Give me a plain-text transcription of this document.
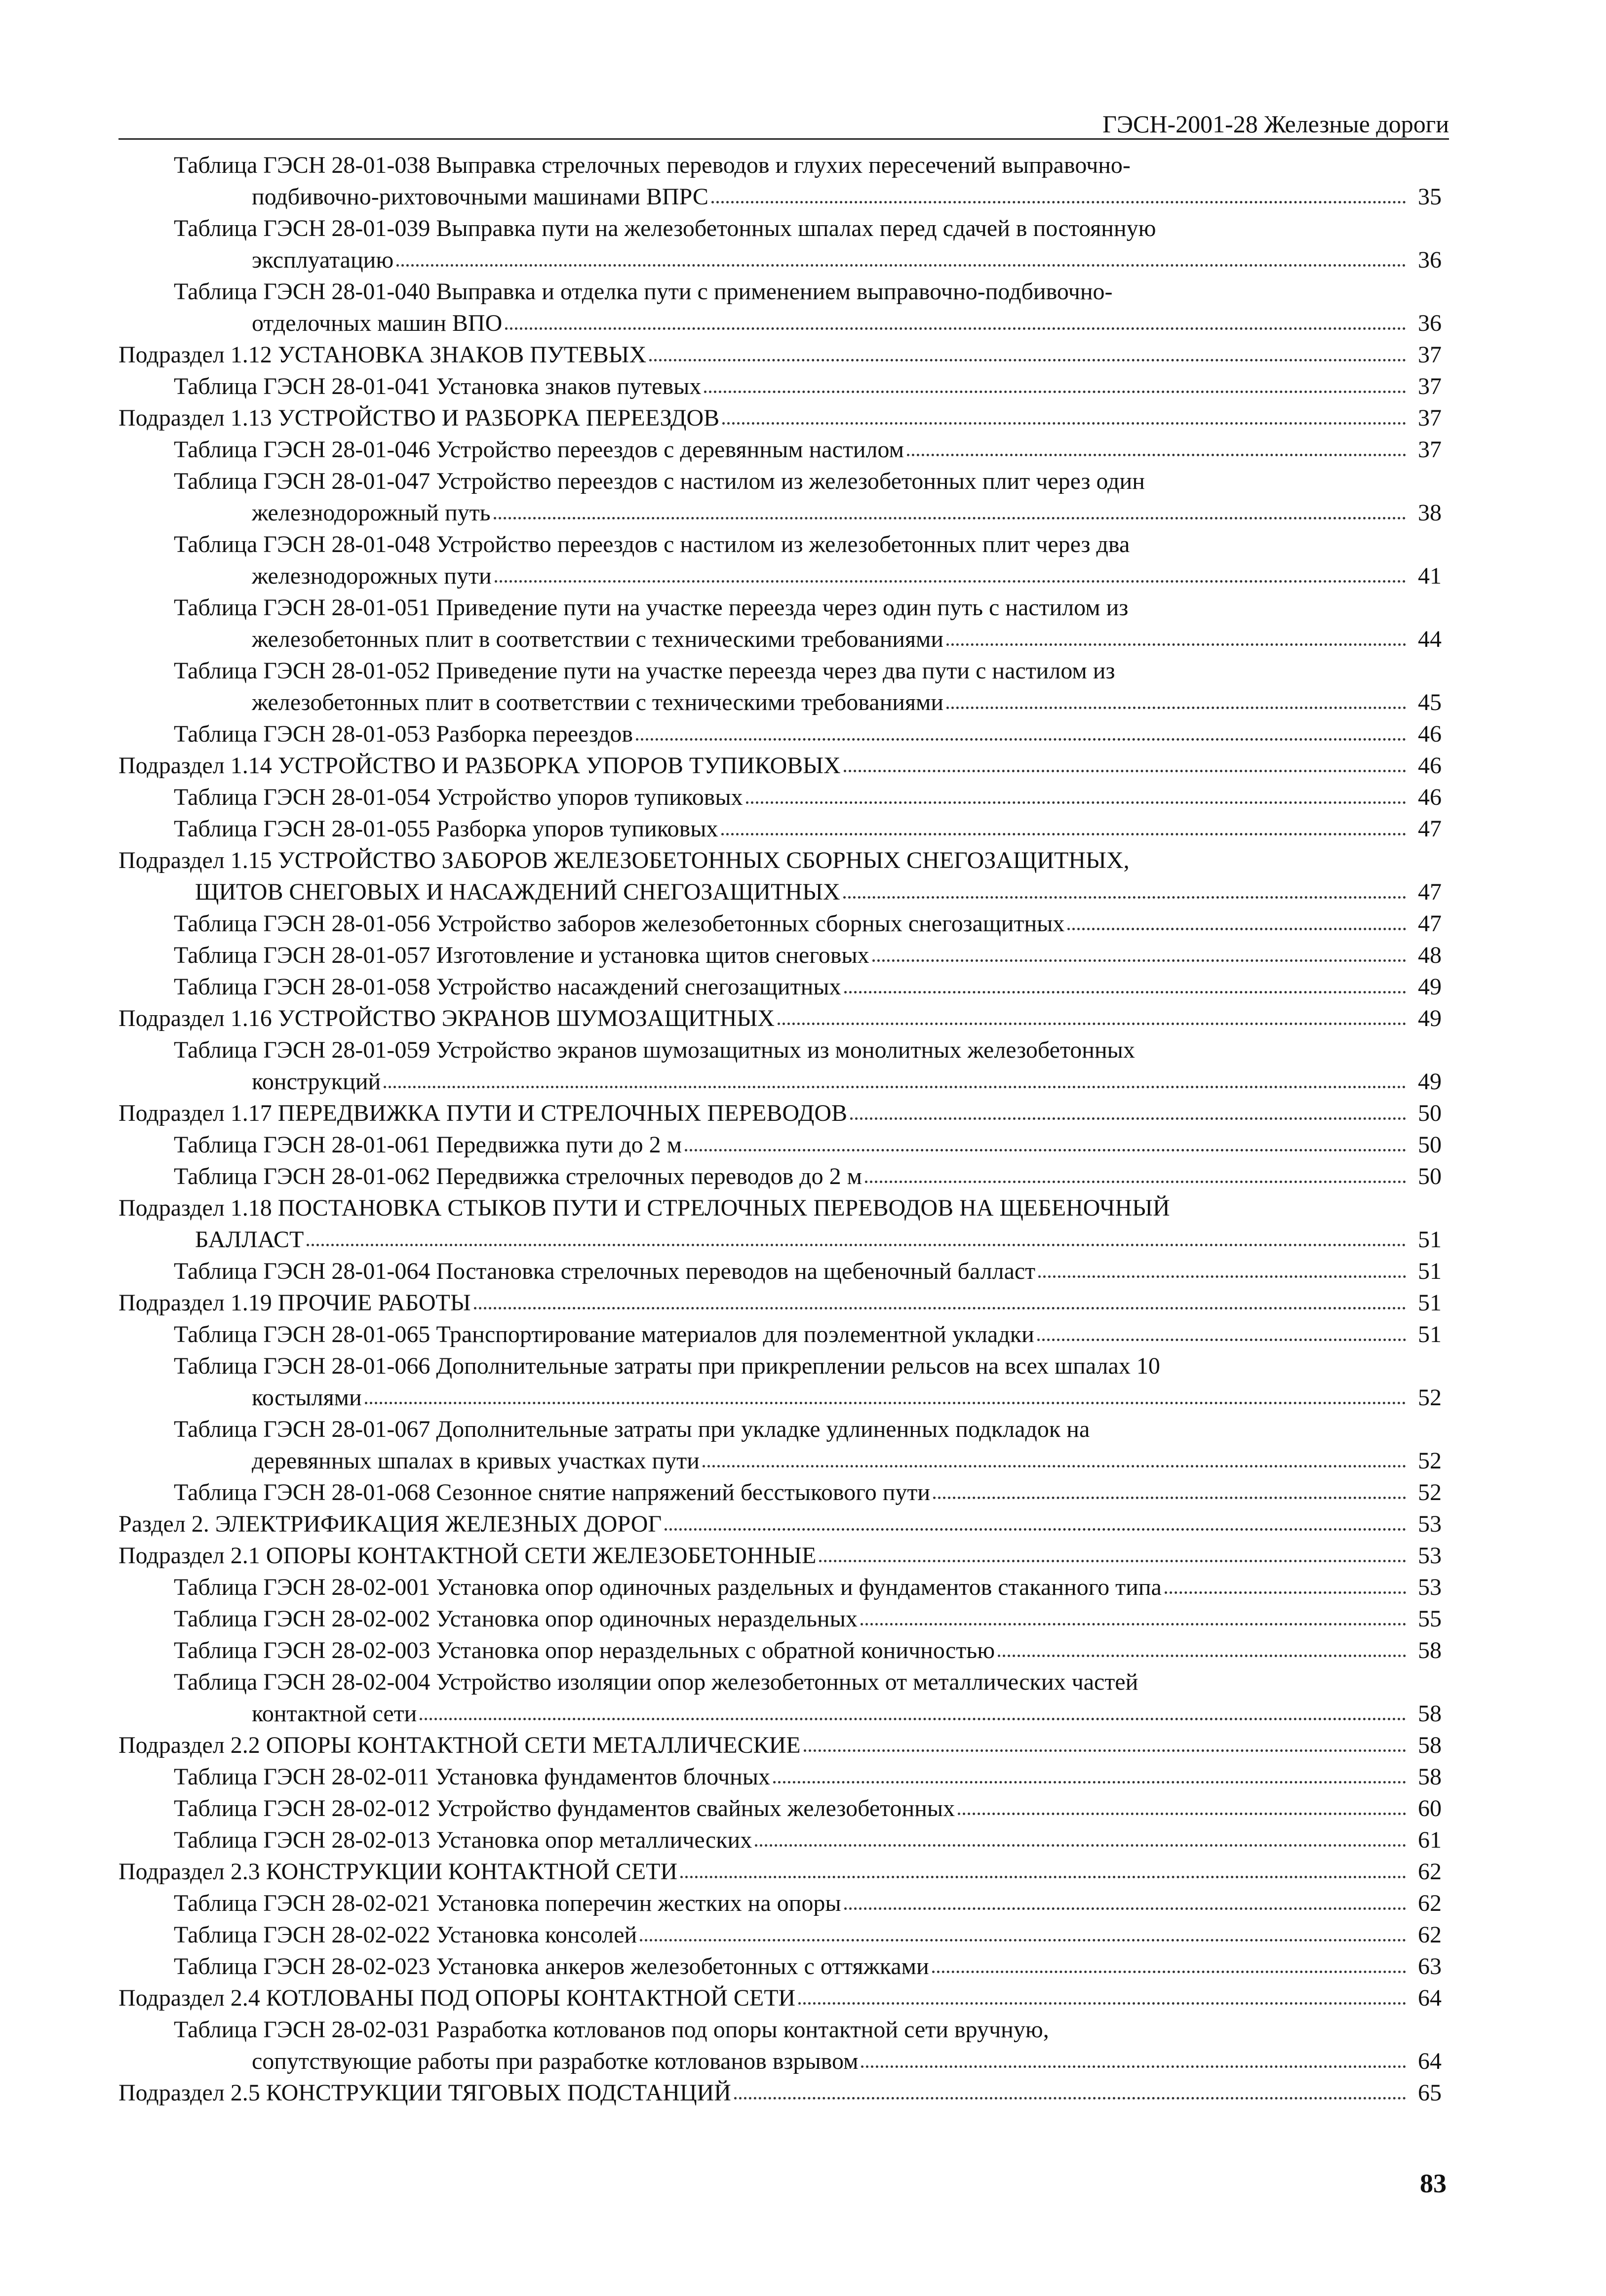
ГЭСН-2001-28 Железные дороги
Таблица ГЭСН 28-01-038 Выправка стрелочных переводов и глухих пересечений выправочно-
подбивочно-рихтовочными машинами ВПРС	35
Таблица ГЭСН 28-01-039 Выправка пути на железобетонных шпалах перед сдачей в постоянную
эксплуатацию	36
Таблица ГЭСН 28-01-040 Выправка и отделка пути с применением выправочно-подбивочно-
отделочных машин ВПО	36
Подраздел 1.12 УСТАНОВКА ЗНАКОВ ПУТЕВЫХ	37
Таблица ГЭСН 28-01-041 Установка знаков путевых	37
Подраздел 1.13 УСТРОЙСТВО И РАЗБОРКА ПЕРЕЕЗДОВ	37
Таблица ГЭСН 28-01-046 Устройство переездов с деревянным настилом	37
Таблица ГЭСН 28-01-047 Устройство переездов с настилом из железобетонных плит через один
железнодорожный путь	38
Таблица ГЭСН 28-01-048 Устройство переездов с настилом из железобетонных плит через два
железнодорожных пути	41
Таблица ГЭСН 28-01-051 Приведение пути на участке переезда через один путь с настилом из
железобетонных плит в соответствии с техническими требованиями	44
Таблица ГЭСН 28-01-052 Приведение пути на участке переезда через два пути с настилом из
железобетонных плит в соответствии с техническими требованиями	45
Таблица ГЭСН 28-01-053 Разборка переездов	46
Подраздел 1.14 УСТРОЙСТВО И РАЗБОРКА УПОРОВ ТУПИКОВЫХ	46
Таблица ГЭСН 28-01-054 Устройство упоров тупиковых	46
Таблица ГЭСН 28-01-055 Разборка упоров тупиковых	47
Подраздел 1.15 УСТРОЙСТВО ЗАБОРОВ ЖЕЛЕЗОБЕТОННЫХ СБОРНЫХ СНЕГОЗАЩИТНЫХ,
ЩИТОВ СНЕГОВЫХ И НАСАЖДЕНИЙ СНЕГОЗАЩИТНЫХ	47
Таблица ГЭСН 28-01-056 Устройство заборов железобетонных сборных снегозащитных	47
Таблица ГЭСН 28-01-057 Изготовление и установка щитов снеговых	48
Таблица ГЭСН 28-01-058 Устройство насаждений снегозащитных	49
Подраздел 1.16 УСТРОЙСТВО ЭКРАНОВ ШУМОЗАЩИТНЫХ	49
Таблица ГЭСН 28-01-059 Устройство экранов шумозащитных из монолитных железобетонных
конструкций	49
Подраздел 1.17 ПЕРЕДВИЖКА ПУТИ И СТРЕЛОЧНЫХ ПЕРЕВОДОВ	50
Таблица ГЭСН 28-01-061 Передвижка пути до 2 м	50
Таблица ГЭСН 28-01-062 Передвижка стрелочных переводов до 2 м	50
Подраздел 1.18 ПОСТАНОВКА СТЫКОВ ПУТИ И СТРЕЛОЧНЫХ ПЕРЕВОДОВ НА ЩЕБЕНОЧНЫЙ
БАЛЛАСТ	51
Таблица ГЭСН 28-01-064 Постановка стрелочных переводов на щебеночный балласт	51
Подраздел 1.19 ПРОЧИЕ РАБОТЫ	51
Таблица ГЭСН 28-01-065 Транспортирование материалов для поэлементной укладки	51
Таблица ГЭСН 28-01-066 Дополнительные затраты при прикреплении рельсов на всех шпалах 10
костылями	52
Таблица ГЭСН 28-01-067 Дополнительные затраты при укладке удлиненных подкладок на
деревянных шпалах в кривых участках пути	52
Таблица ГЭСН 28-01-068 Сезонное снятие напряжений бесстыкового пути	52
Раздел 2. ЭЛЕКТРИФИКАЦИЯ ЖЕЛЕЗНЫХ ДОРОГ	53
Подраздел 2.1 ОПОРЫ КОНТАКТНОЙ СЕТИ ЖЕЛЕЗОБЕТОННЫЕ	53
Таблица ГЭСН 28-02-001 Установка опор одиночных раздельных и фундаментов стаканного типа	53
Таблица ГЭСН 28-02-002 Установка опор одиночных нераздельных	55
Таблица ГЭСН 28-02-003 Установка опор нераздельных с обратной коничностью	58
Таблица ГЭСН 28-02-004 Устройство изоляции опор железобетонных от металлических частей
контактной сети	58
Подраздел 2.2 ОПОРЫ КОНТАКТНОЙ СЕТИ МЕТАЛЛИЧЕСКИЕ	58
Таблица ГЭСН 28-02-011 Установка фундаментов блочных	58
Таблица ГЭСН 28-02-012 Устройство фундаментов свайных железобетонных	60
Таблица ГЭСН 28-02-013 Установка опор металлических	61
Подраздел 2.3 КОНСТРУКЦИИ КОНТАКТНОЙ СЕТИ	62
Таблица ГЭСН 28-02-021 Установка поперечин жестких на опоры	62
Таблица ГЭСН 28-02-022 Установка консолей	62
Таблица ГЭСН 28-02-023 Установка анкеров железобетонных с оттяжками	63
Подраздел 2.4 КОТЛОВАНЫ ПОД ОПОРЫ КОНТАКТНОЙ СЕТИ	64
Таблица ГЭСН 28-02-031 Разработка котлованов под опоры контактной сети вручную,
сопутствующие работы при разработке котлованов взрывом	64
Подраздел 2.5 КОНСТРУКЦИИ ТЯГОВЫХ ПОДСТАНЦИЙ	65
83
